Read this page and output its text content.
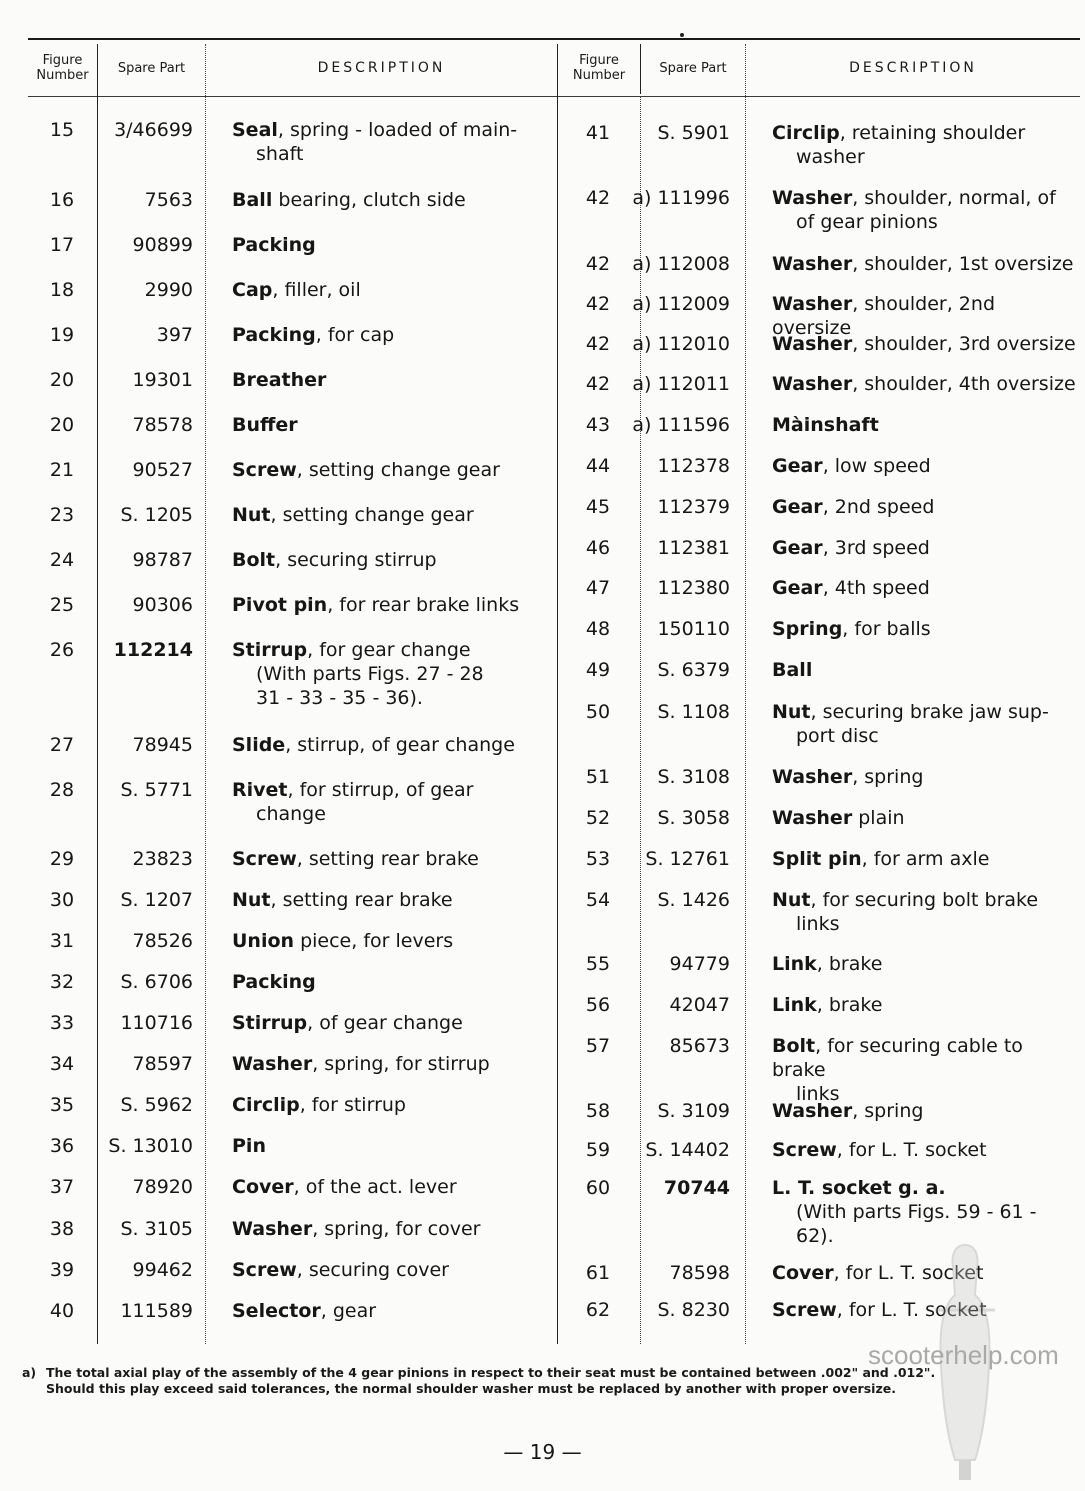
Figure
Number	Spare Part	DESCRIPTION	Figure
Number	Spare Part	DESCRIPTION
15	3/46699 Seal, spring - loaded of main-
shaft
16	7563 Ball bearing, clutch side
17	90899 Packing
18	2990 Cap, filler, oil
19	397 Packing, for cap
20	19301 Breather
20	78578 Buffer
21	90527 Screw, setting change gear
23	S. 1205 Nut, setting change gear
24	98787 Bolt, securing stirrup
25	90306 Pivot pin, for rear brake links
26	112214 Stirrup, for gear change
(With parts Figs. 27 - 28
31 - 33 - 35 - 36).
27	78945 Slide, stirrup, of gear change
28	S. 5771 Rivet, for stirrup, of gear
change
29	23823 Screw, setting rear brake
30	S. 1207 Nut, setting rear brake
31	78526 Union piece, for levers
32	S. 6706 Packing
33	110716 Stirrup, of gear change
34	78597 Washer, spring, for stirrup
35	S. 5962 Circlip, for stirrup
36	S. 13010 Pin
37	78920 Cover, of the act. lever
38	S. 3105 Washer, spring, for cover
39	99462 Screw, securing cover
40	111589 Selector, gear
41	S. 5901 Circlip, retaining shoulder
washer
42	a) 111996 Washer, shoulder, normal, of
of gear pinions
42	a) 112008 Washer, shoulder, 1st oversize
42	a) 112009 Washer, shoulder, 2nd oversize
42	a) 112010 Washer, shoulder, 3rd oversize
42	a) 112011 Washer, shoulder, 4th oversize
43	a) 111596 Màinshaft
44	112378 Gear, low speed
45	112379 Gear, 2nd speed
46	112381 Gear, 3rd speed
47	112380 Gear, 4th speed
48	150110 Spring, for balls
49	S. 6379 Ball
50	S. 1108 Nut, securing brake jaw sup-
port disc
51	S. 3108 Washer, spring
52	S. 3058 Washer plain
53	S. 12761 Split pin, for arm axle
54	S. 1426 Nut, for securing bolt brake
links
55	94779 Link, brake
56	42047 Link, brake
57	85673 Bolt, for securing cable to brake
links
58	S. 3109 Washer, spring
59	S. 14402 Screw, for L. T. socket
60	70744 L. T. socket g. a.
(With parts Figs. 59 - 61 -
62).
61	78598 Cover, for L. T. socket
62	S. 8230 Screw, for L. T. socket
a) The total axial play of the assembly of the 4 gear pinions in respect to their seat must be contained between .002" and .012".
Should this play exceed said tolerances, the normal shoulder washer must be replaced by another with proper oversize.
— 19 —
scooterhelp.com
